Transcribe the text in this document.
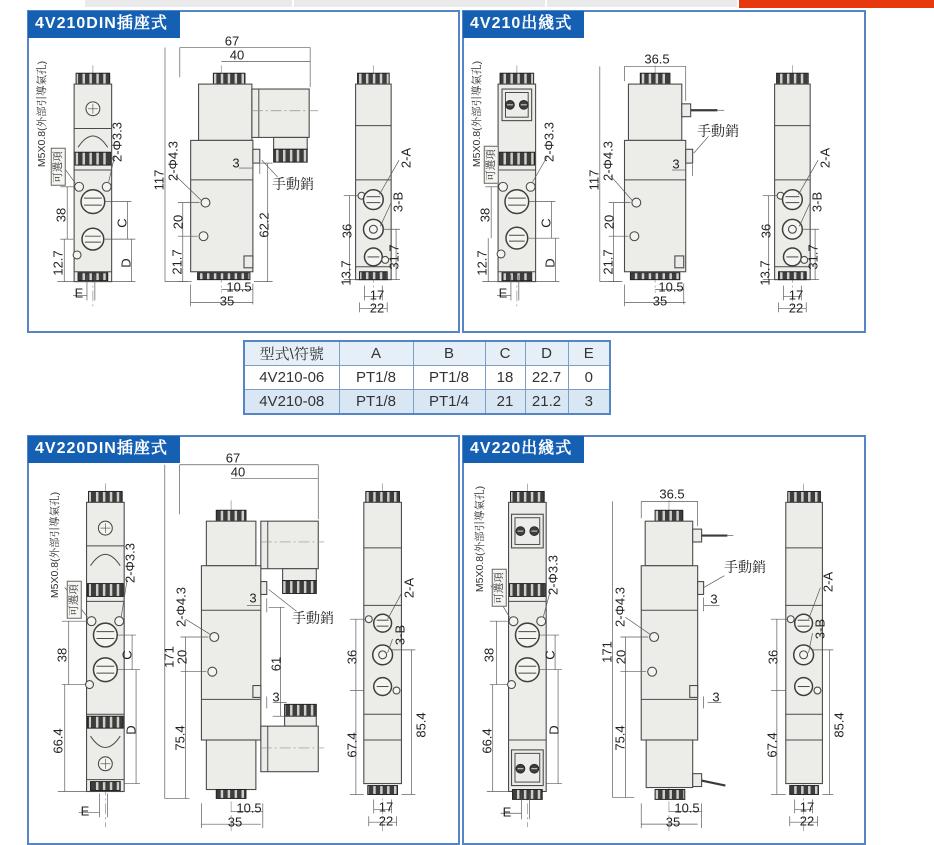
M5X0.8(外部引導氣孔) 可選項
2-Φ3.3
38
12.7
E
C
D
67
40
117 2-Φ4.3
20
21.7
3
手動銷
62.2
10.5
35
36
13.7
31.7
2-A
3-B
17
22
4V210DIN插座式
M5X0.8(外部引導氣孔) 可選項
2-Φ3.3
38
12.7
E
C
D
36.5
117 2-Φ4.3
20
21.7
手動銷
3
10.5
35
36
13.7
31.7
2-A
3-B
17
22
4V210出綫式
型式\符號	A	B	C	D	E
4V210-06	PT1/8	PT1/8	18	22.7	0
4V210-08	PT1/8	PT1/4	21	21.2	3
M5X0.8(外部引導氣孔)
可選項
2-Φ3.3
67
40
38
66.4
C
D
E
171
2-Φ4.3
20
75.4
3
手動銷
61
3
10.5
35
36
67.4
85.4
2-A
3-B
17
22
4V220DIN插座式
M5X0.8(外部引導氣孔) 可選項	2-Φ3.3
36.5
38
66.4
C
D
E
171
2-Φ4.3
20
75.4
手動銷
3
3
10.5
35
36
67.4
85.4
2-A
3-B
17
22
4V220出綫式
